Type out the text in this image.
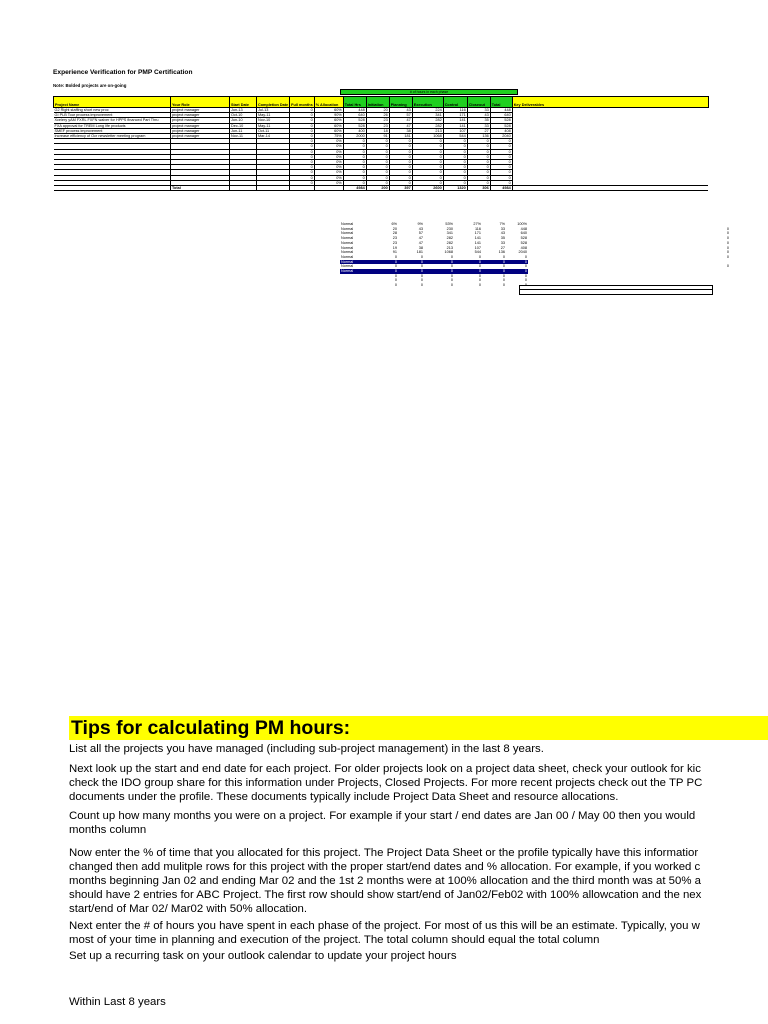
Experience Verification for PMP Certification
Note: Bolded projects are on-going
# of hours in each phase
Project Name	Your Role	Start Date	Completion Date	Full months	% Allocation	Total Hrs	Initiation	Planning	Execution	Control	Closeout	Total	Key Deliverables
G2 Right staffing short new proc	project manager	Jun-13	Jul-13	0	60%	448	20	43	224	116	33	448	
GI PLB Tour process improvement	project manager	Oct-10	May-11	0	90%	640	26	57	341	171	43	640	
Xcelery yAM FXRL FXFN waiver for HPPS financed Part Thru	project manager	Jun-10	Nov-10	0	60%	528	23	47	282	141	35	528	
FXA approval for TREM Long life products	project manager	Dec-10	May-11	0	60%	528	23	47	282	141	33	528	
SMEF process improvement	project manager	Jun-11	Oct-11	0	60%	400	18	38	213	107	27	408	
Increase efficiency of Ocr newsletter meeting program	project manager	Nov-11	Mar-14	0	75%	2000	91	181	1068	544	136	2040	
				0	0%	0	0	0	0	0	0	0	
				0	0%	0	0	0	0	0	0	0	
				0	0%	0	0	0	0	0	0	0	
				0	0%	0	0	0	0	0	0	0	
				0	0%	0	0	0	0	0	0	0	
				0	0%	0	0	0	0	0	0	0	
				0	0%	0	0	0	0	0	0	0	
				0	0%	0	0	0	0	0	0	0	
				0	0%	0	0	0	0	0	0	0	
	Total					4984	200	397	2600	1320	306	4984	
Normal	6%	9%	53%	27%	7%	100%		
Normal	20	43	230	116	33	448		0
Normal	28	57	341	171	43	640		0
Normal	23	47	282	141	35	528		0
Normal	23	47	282	141	33	528		0
Normal	19	38	213	107	27	408		0
Normal	91	181	1068	544	136	2040		0
Normal	0	0	0	0	0	0		0
Normal	0	0	0	0	0	0		
Normal	0	0	0	0	0	0		0
Normal	0	0	0	0	0	0		
	0	0	0	0	0	0		
	0	0	0	0	0	0		
	0	0	0	0	0	0		
Tips for calculating PM hours:
List all the projects you have managed (including sub-project management) in the last 8 years.
Next look up the start and end date for each project. For older projects look on a project data sheet, check your outlook for kic
check the IDO group share for this information under Projects, Closed Projects. For more recent projects check out the TP PC
documents under the profile. These documents typically include Project Data Sheet and resource allocations.
Count up how many months you were on a project. For example if your start / end dates are Jan 00 / May 00 then you would
months column
Now enter the % of time that you allocated for this project. The Project Data Sheet or the profile typically have this informatior
changed then add mulitple rows for this project with the proper start/end dates and % allocation. For example, if you worked c
months beginning Jan 02 and ending Mar 02 and the 1st 2 months were at 100% allocation and the third month was at 50% a
should have 2 entries for ABC Project. The first row should show start/end of Jan02/Feb02 with 100% allowcation and the nex
start/end of Mar 02/ Mar02 with 50% allocation.
Next enter the # of hours you have spent in each phase of the project. For most of us this will be an estimate. Typically, you w
most of your time in planning and execution of the project. The total column should equal the total column
Set up a recurring task on your outlook calendar to update your project hours
Within Last 8 years
